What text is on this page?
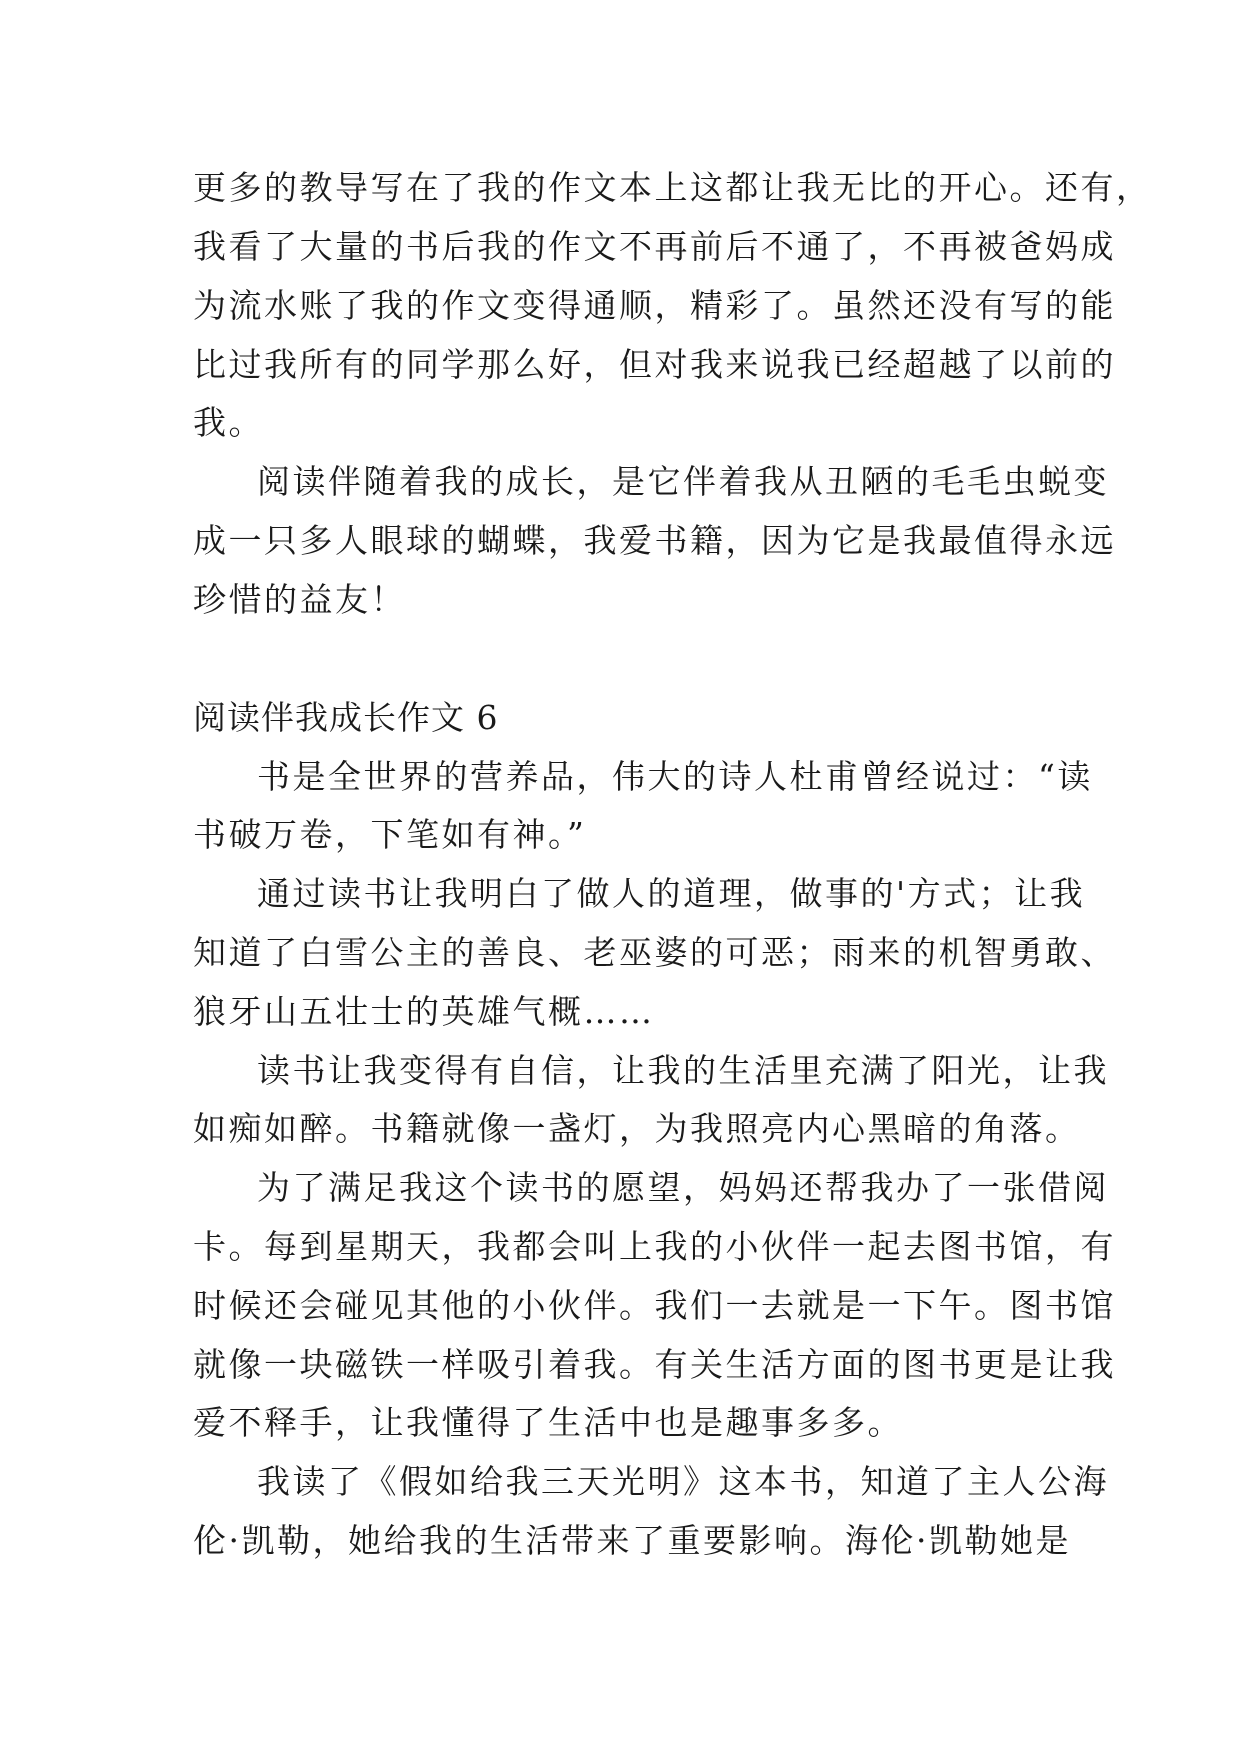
更多的教导写在了我的作文本上这都让我无比的开心。还有，
我看了大量的书后我的作文不再前后不通了，不再被爸妈成
为流水账了我的作文变得通顺，精彩了。虽然还没有写的能
比过我所有的同学那么好，但对我来说我已经超越了以前的
我。
阅读伴随着我的成长，是它伴着我从丑陋的毛毛虫蜕变
成一只多人眼球的蝴蝶，我爱书籍，因为它是我最值得永远
珍惜的益友！
阅读伴我成长作文 6
书是全世界的营养品，伟大的诗人杜甫曾经说过：“读
书破万卷，下笔如有神。”
通过读书让我明白了做人的道理，做事的'方式；让我
知道了白雪公主的善良、老巫婆的可恶；雨来的机智勇敢、
狼牙山五壮士的英雄气概……
读书让我变得有自信，让我的生活里充满了阳光，让我
如痴如醉。书籍就像一盏灯，为我照亮内心黑暗的角落。
为了满足我这个读书的愿望，妈妈还帮我办了一张借阅
卡。每到星期天，我都会叫上我的小伙伴一起去图书馆，有
时候还会碰见其他的小伙伴。我们一去就是一下午。图书馆
就像一块磁铁一样吸引着我。有关生活方面的图书更是让我
爱不释手，让我懂得了生活中也是趣事多多。
我读了《假如给我三天光明》这本书，知道了主人公海
伦·凯勒，她给我的生活带来了重要影响。海伦·凯勒她是
